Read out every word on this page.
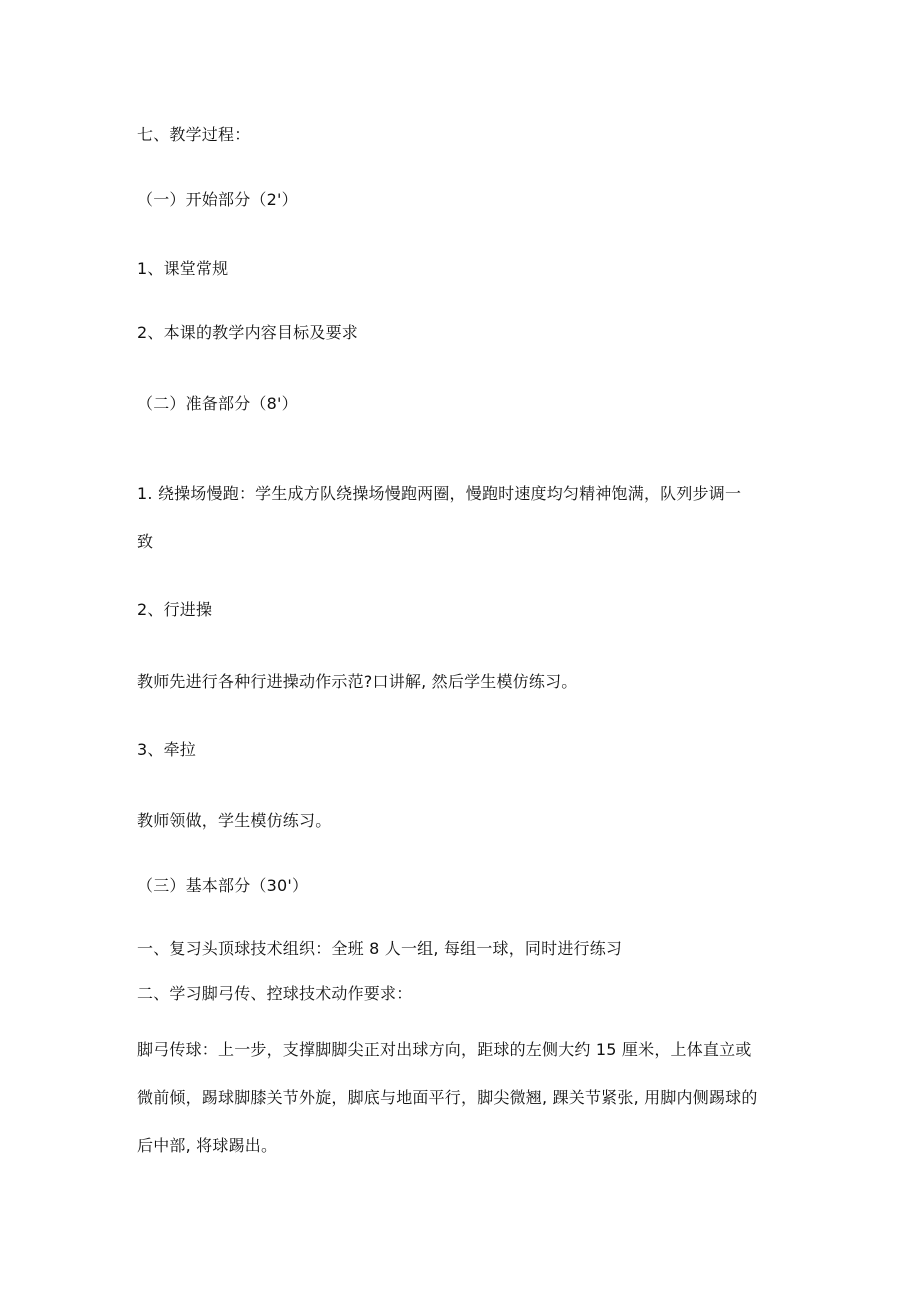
七、教学过程：
（一）开始部分（2'）
1、课堂常规
2、本课的教学内容目标及要求
（二）准备部分（8'）
1. 绕操场慢跑：学生成方队绕操场慢跑两圈，慢跑时速度均匀精神饱满，队列步调一
致
2、行进操
教师先进行各种行进操动作示范?口讲解, 然后学生模仿练习。
3、牵拉
教师领做，学生模仿练习。
（三）基本部分（30'）
一、复习头顶球技术组织：全班 8 人一组, 每组一球，同时进行练习
二、学习脚弓传、控球技术动作要求：
脚弓传球：上一步，支撑脚脚尖正对出球方向，距球的左侧大约 15 厘米，上体直立或
微前倾，踢球脚膝关节外旋，脚底与地面平行，脚尖微翘, 踝关节紧张, 用脚内侧踢球的
后中部, 将球踢出。
